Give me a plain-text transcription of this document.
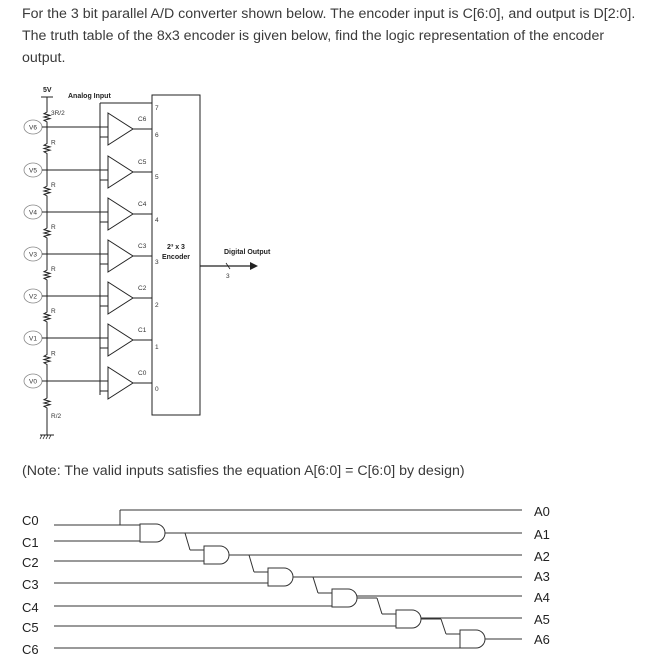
For the 3 bit parallel A/D converter shown below. The encoder input is C[6:0], and output is D[2:0]. The truth table of the 8x3 encoder is given below, find the logic representation of the encoder output.
5V
Analog Input
3R/2
R
R
R
R
R
R
R/2
V6
V5
V4
V3
V2
V1
V0
C6
C5
C4
C3
C2
C1
C0
2³ x 3
Encoder
7
6
5
4
3
2
1
0
Digital Output
3
(Note: The valid inputs satisfies the equation A[6:0] = C[6:0] by design)
C0
C1
C2
C3
C4
C5
C6
A0
A1
A2
A3
A4
A5
A6
